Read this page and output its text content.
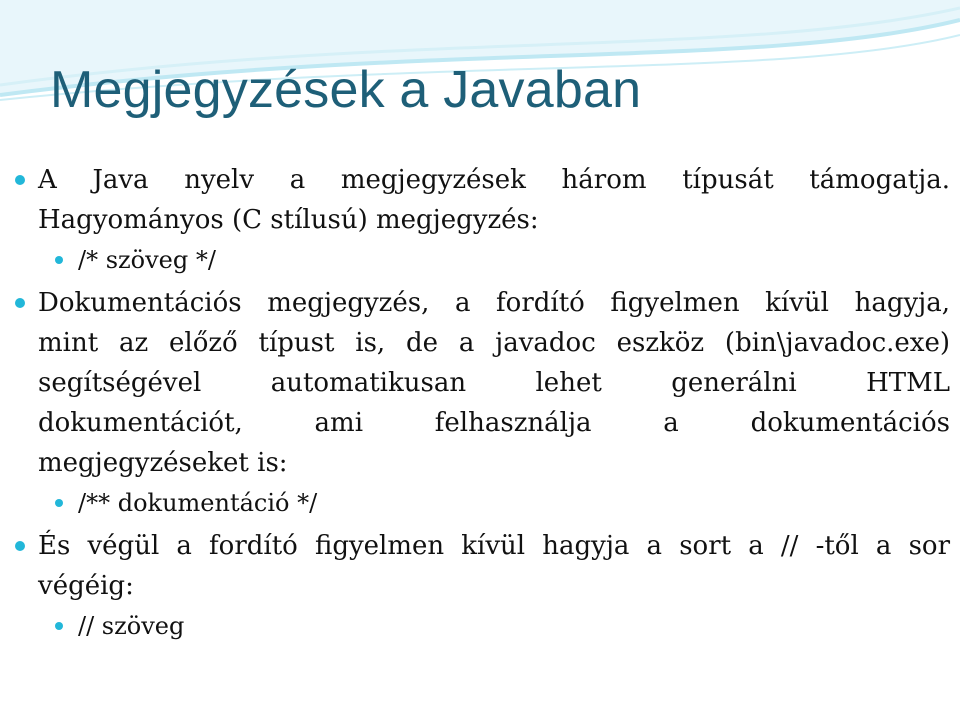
Megjegyzések a Javaban
A Java nyelv a megjegyzések három típusát támogatja.
Hagyományos (C stílusú) megjegyzés:
/* szöveg */
Dokumentációs megjegyzés, a fordító figyelmen kívül hagyja,
mint az előző típust is, de a javadoc eszköz (bin\javadoc.exe)
segítségével automatikusan lehet generálni HTML
dokumentációt, ami felhasználja a dokumentációs
megjegyzéseket is:
/** dokumentáció */
És végül a fordító figyelmen kívül hagyja a sort a // -től a sor
végéig:
// szöveg
